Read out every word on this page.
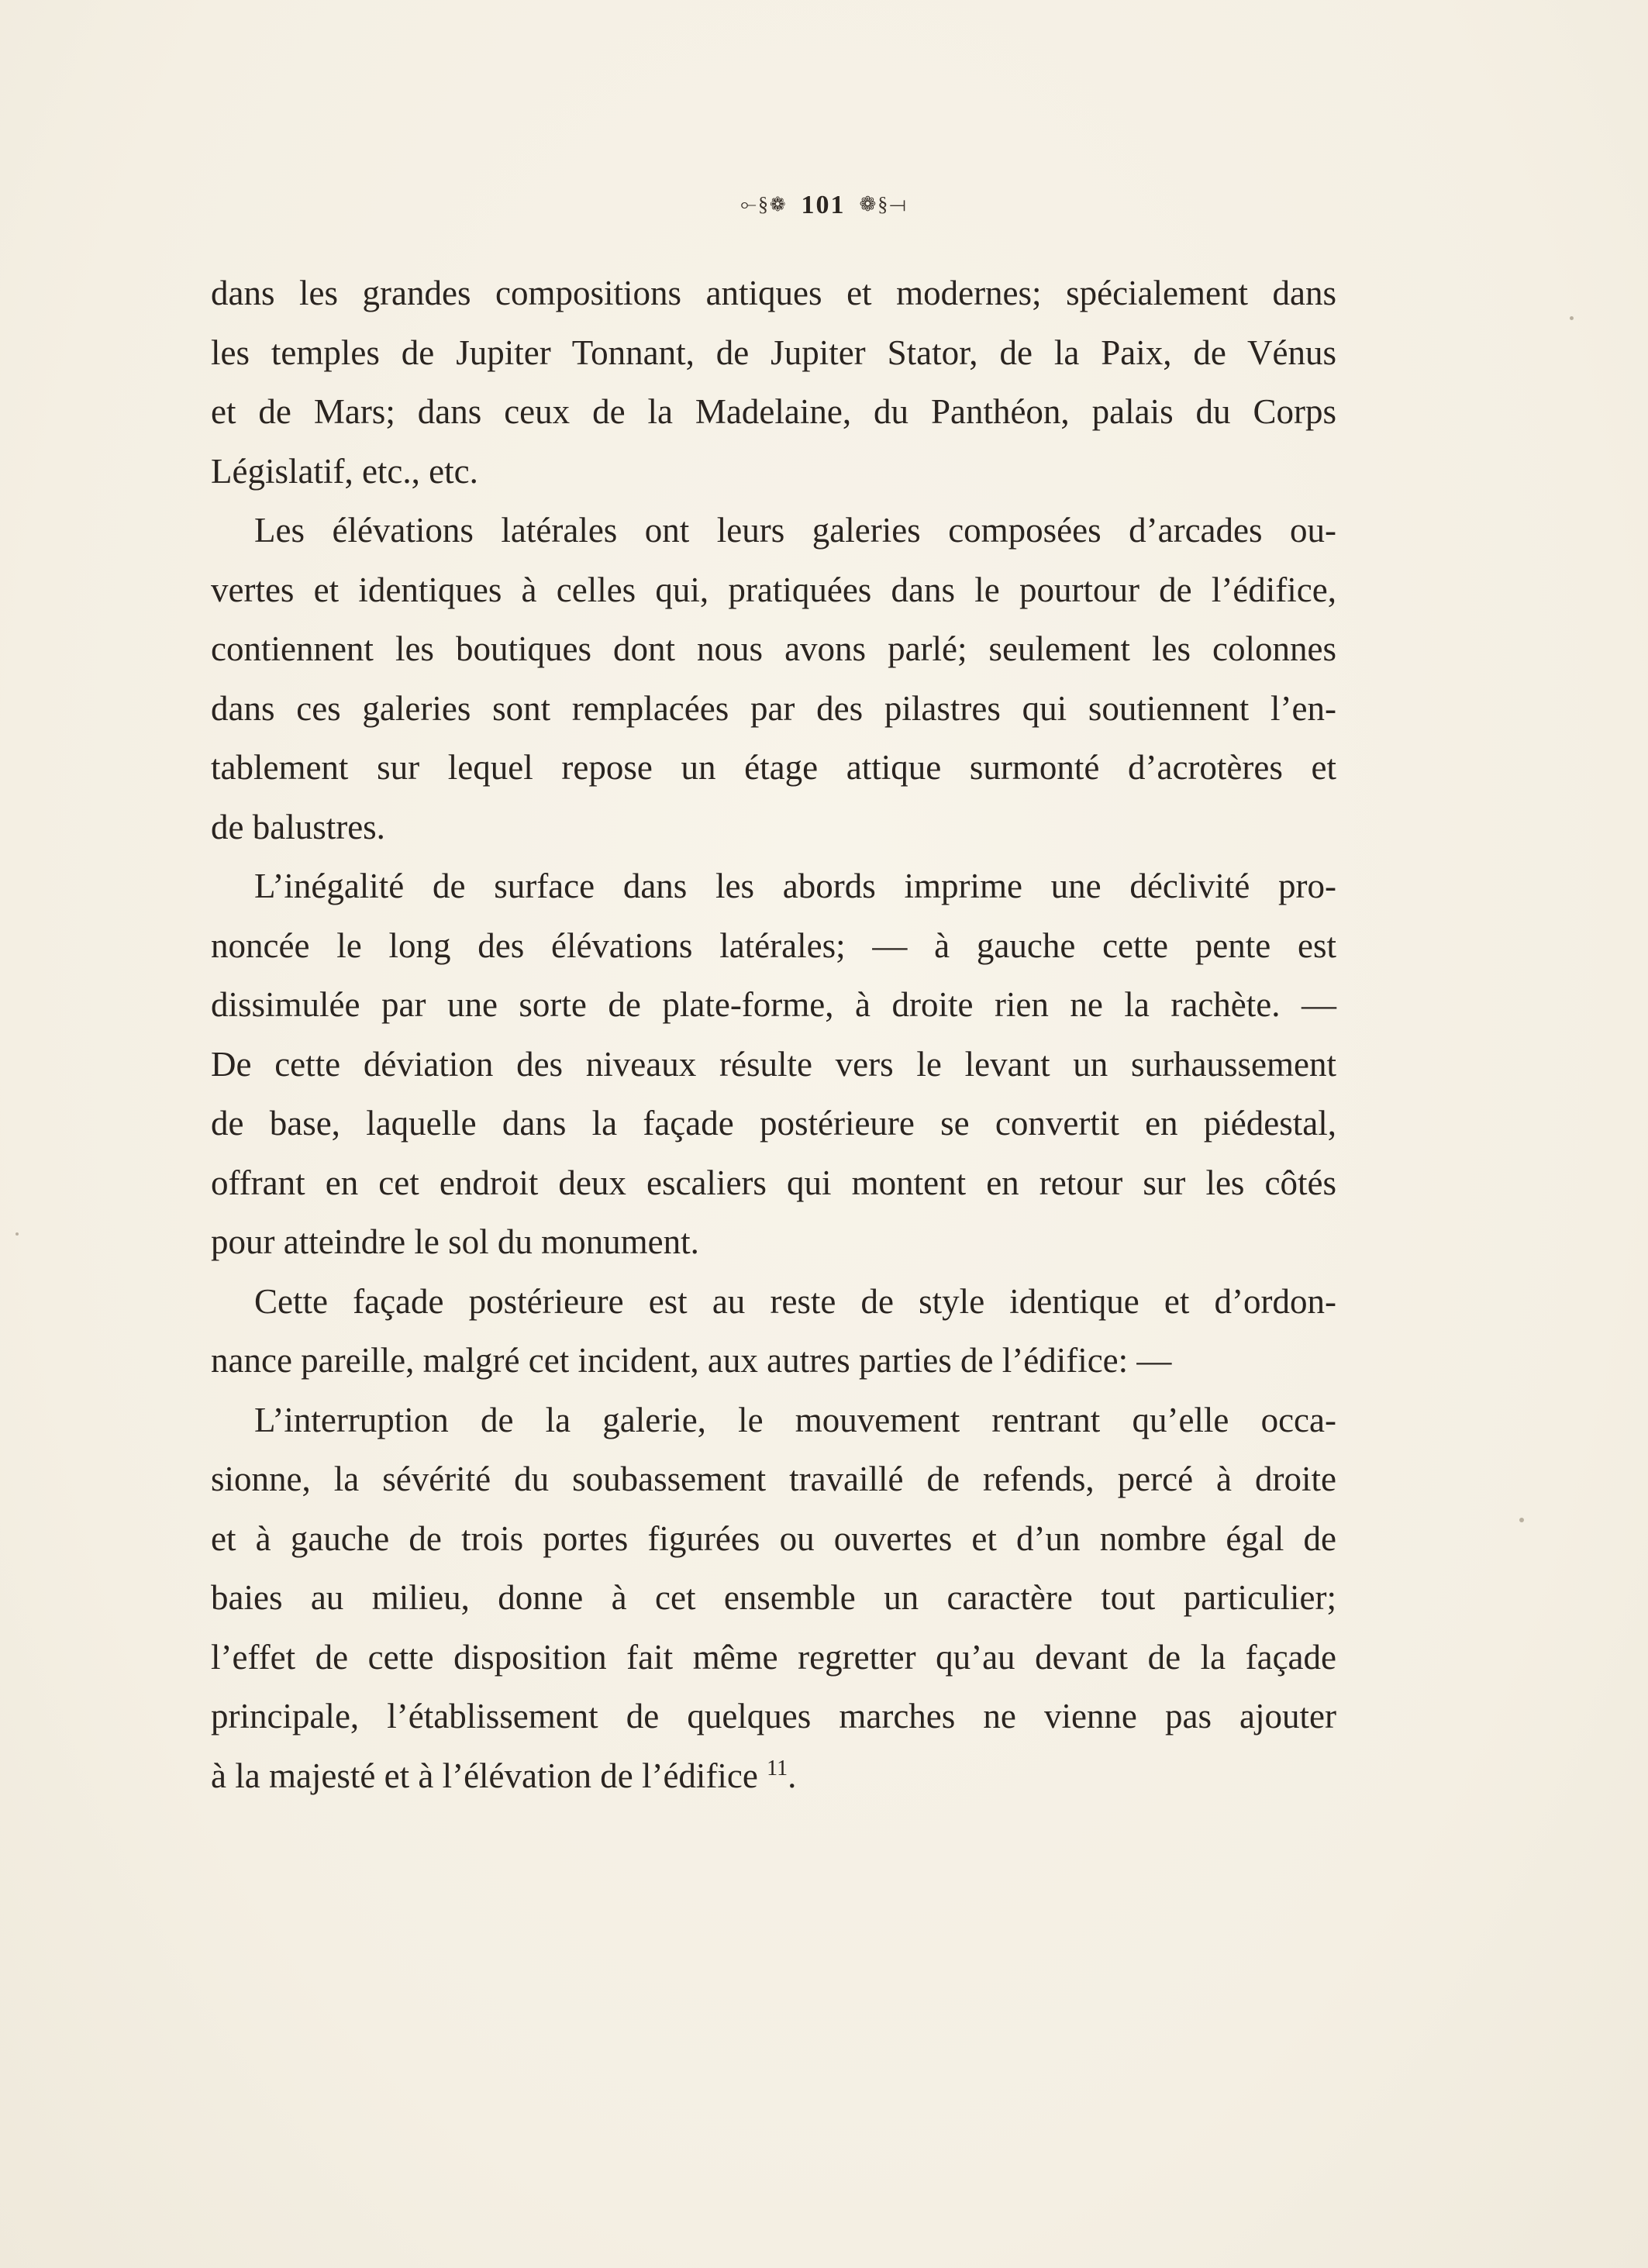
⟜§❁ 101 ❁§⟞

dans les grandes compositions antiques et modernes; spécialement dans
les temples de Jupiter Tonnant, de Jupiter Stator, de la Paix, de Vénus
et de Mars; dans ceux de la Madelaine, du Panthéon, palais du Corps
Législatif, etc., etc.

Les élévations latérales ont leurs galeries composées d’arcades ou-
vertes et identiques à celles qui, pratiquées dans le pourtour de l’édifice,
contiennent les boutiques dont nous avons parlé; seulement les colonnes
dans ces galeries sont remplacées par des pilastres qui soutiennent l’en-
tablement sur lequel repose un étage attique surmonté d’acrotères et
de balustres.

L’inégalité de surface dans les abords imprime une déclivité pro-
noncée le long des élévations latérales; — à gauche cette pente est
dissimulée par une sorte de plate-forme, à droite rien ne la rachète. —
De cette déviation des niveaux résulte vers le levant un surhaussement
de base, laquelle dans la façade postérieure se convertit en piédestal,
offrant en cet endroit deux escaliers qui montent en retour sur les côtés
pour atteindre le sol du monument.

Cette façade postérieure est au reste de style identique et d’ordon-
nance pareille, malgré cet incident, aux autres parties de l’édifice: —

L’interruption de la galerie, le mouvement rentrant qu’elle occa-
sionne, la sévérité du soubassement travaillé de refends, percé à droite
et à gauche de trois portes figurées ou ouvertes et d’un nombre égal de
baies au milieu, donne à cet ensemble un caractère tout particulier;
l’effet de cette disposition fait même regretter qu’au devant de la façade
principale, l’établissement de quelques marches ne vienne pas ajouter
à la majesté et à l’élévation de l’édifice $^{11}$.
